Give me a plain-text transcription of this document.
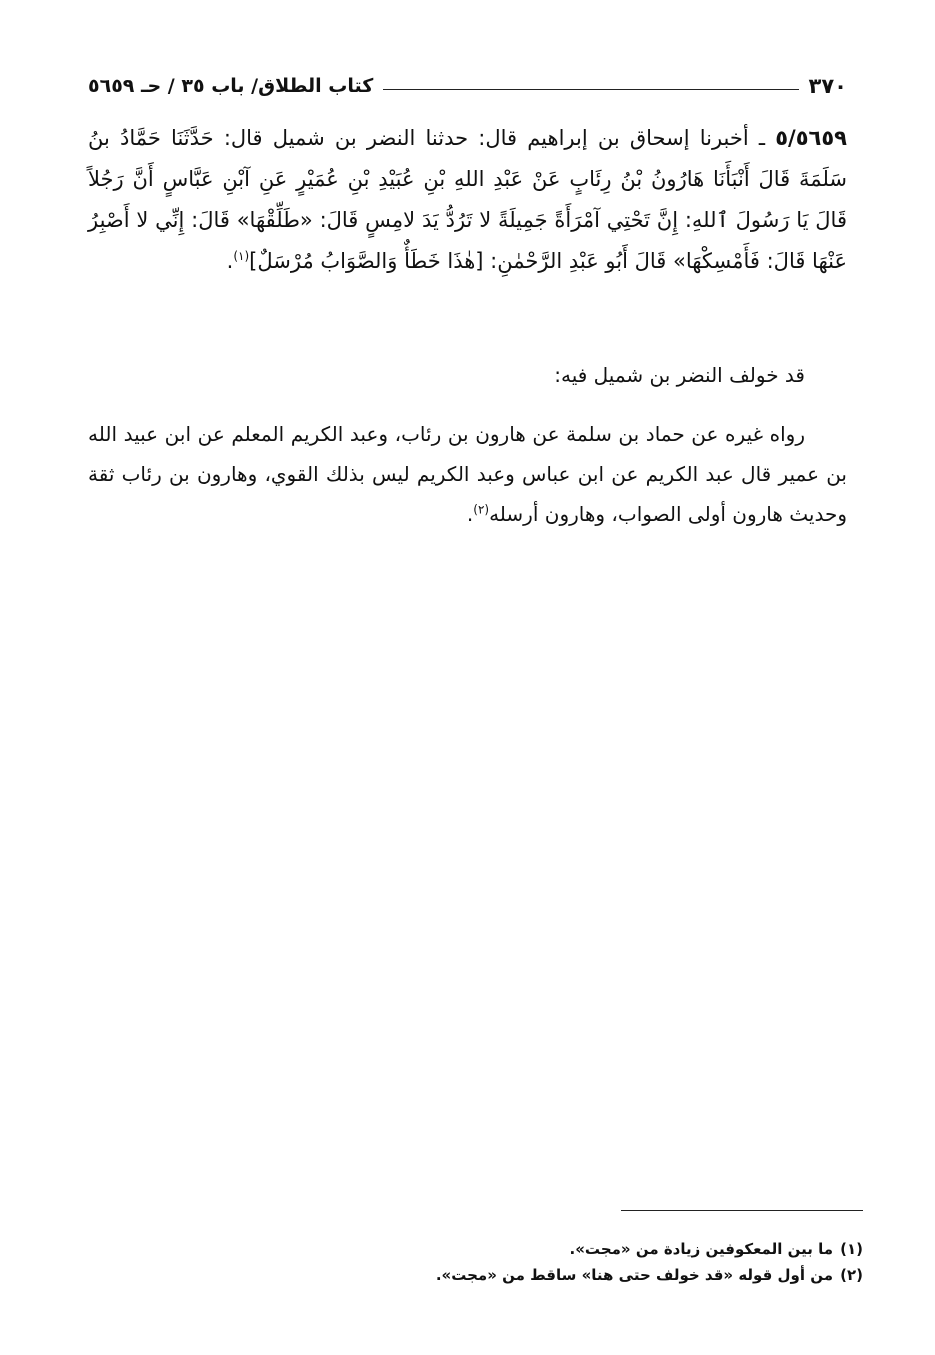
٣٧٠
كتاب الطلاق/ باب ٣٥ / حـ ٥٦٥٩
٥/٥٦٥٩ ـ أخبرنا إسحاق بن إبراهيم قال: حدثنا النضر بن شميل قال: حَدَّثَنَا حَمَّادُ بنُ سَلَمَةَ قَالَ أَنْبَأَنَا هَارُونُ بْنُ رِئَابٍ عَنْ عَبْدِ اللهِ بْنِ عُبَيْدِ بْنِ عُمَيْرٍ عَنِ آبْنِ عَبَّاسٍ أَنَّ رَجُلاً قَالَ يَا رَسُولَ ٱللهِ: إِنَّ تَحْتِي آمْرَأَةً جَمِيلَةً لا تَرُدُّ يَدَ لامِسٍ قَالَ: «طَلِّقْهَا» قَالَ: إِنِّي لا أَصْبِرُ عَنْهَا قَالَ: فَأَمْسِكْهَا» قَالَ أَبُو عَبْدِ الرَّحْمٰنِ: [هٰذَا خَطَأٌ وَالصَّوَابُ مُرْسَلٌ]$^{(١)}$.
قد خولف النضر بن شميل فيه:
رواه غيره عن حماد بن سلمة عن هارون بن رئاب، وعبد الكريم المعلم عن ابن عبيد الله بن عمير قال عبد الكريم عن ابن عباس وعبد الكريم ليس بذلك القوي، وهارون بن رئاب ثقة وحديث هارون أولى الصواب، وهارون أرسله$^{(٢)}$.
(١)
ما بين المعكوفين زيادة من «مجت».
(٢)
من أول قوله «قد خولف حتى هنا» ساقط من «مجت».
